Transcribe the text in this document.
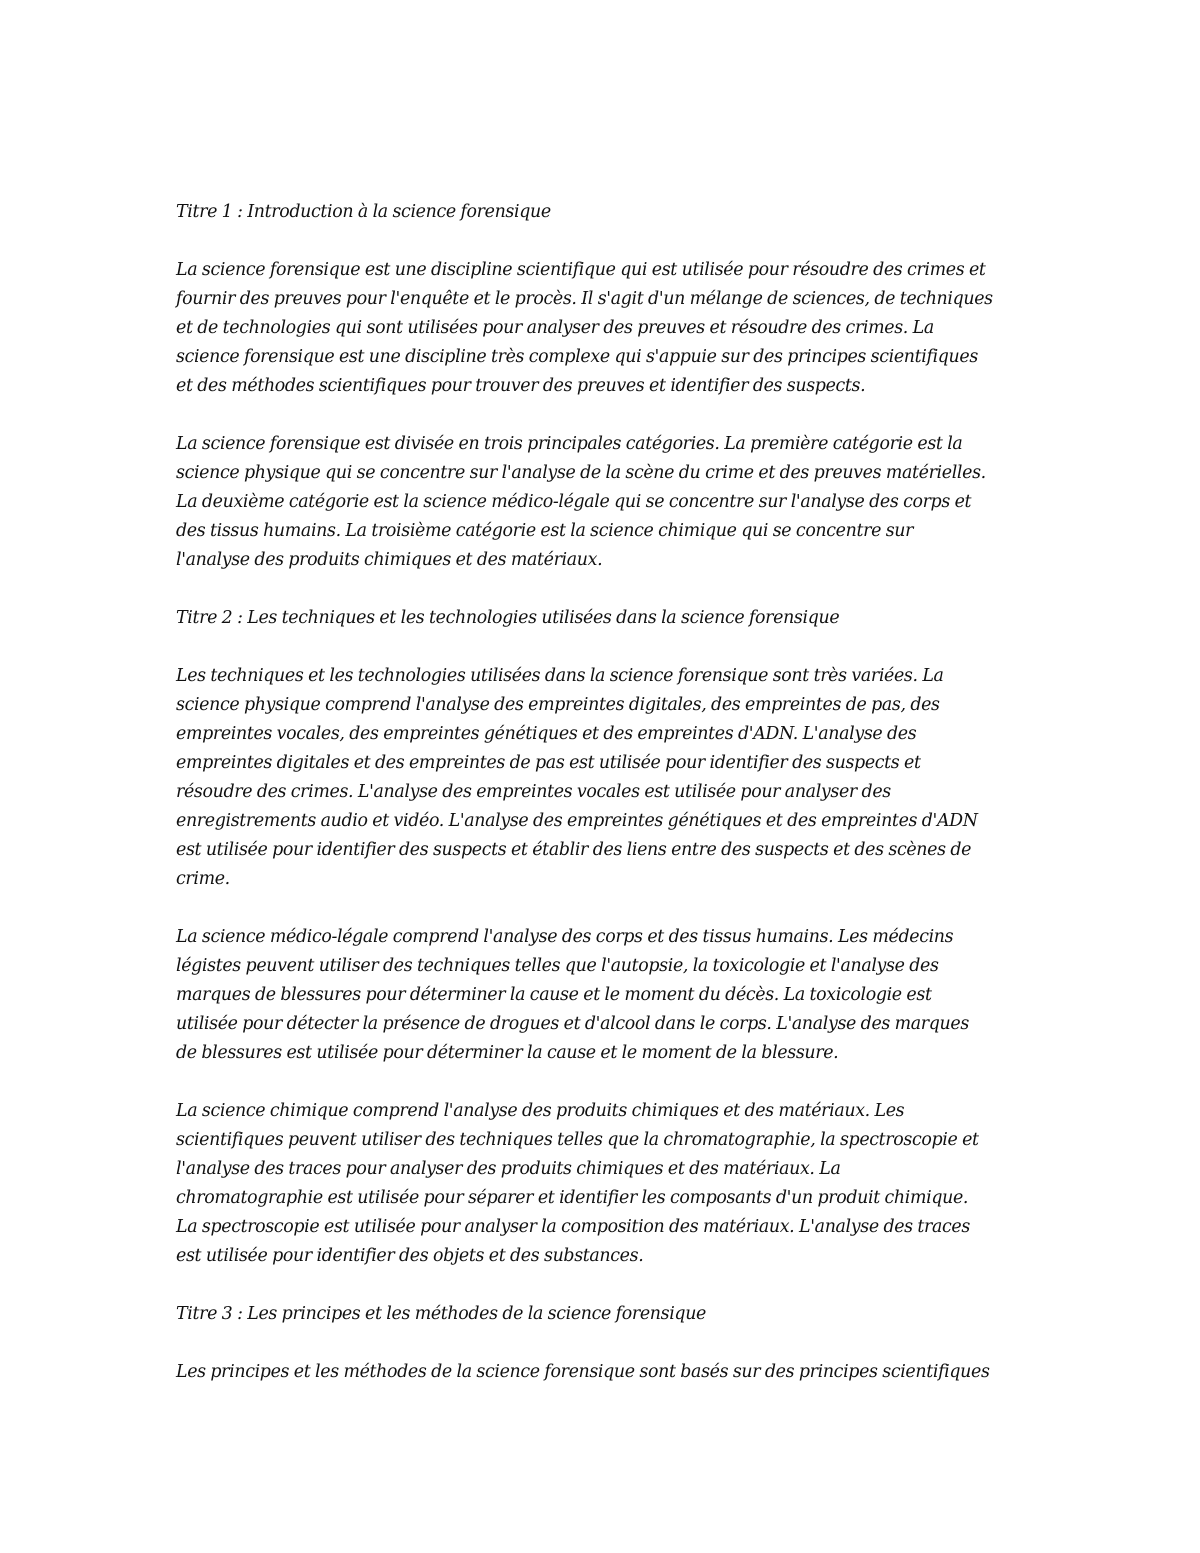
Titre 1 : Introduction à la science forensique
La science forensique est une discipline scientifique qui est utilisée pour résoudre des crimes et
fournir des preuves pour l'enquête et le procès. Il s'agit d'un mélange de sciences, de techniques
et de technologies qui sont utilisées pour analyser des preuves et résoudre des crimes. La
science forensique est une discipline très complexe qui s'appuie sur des principes scientifiques
et des méthodes scientifiques pour trouver des preuves et identifier des suspects.
La science forensique est divisée en trois principales catégories. La première catégorie est la
science physique qui se concentre sur l'analyse de la scène du crime et des preuves matérielles.
La deuxième catégorie est la science médico-légale qui se concentre sur l'analyse des corps et
des tissus humains. La troisième catégorie est la science chimique qui se concentre sur
l'analyse des produits chimiques et des matériaux.
Titre 2 : Les techniques et les technologies utilisées dans la science forensique
Les techniques et les technologies utilisées dans la science forensique sont très variées. La
science physique comprend l'analyse des empreintes digitales, des empreintes de pas, des
empreintes vocales, des empreintes génétiques et des empreintes d'ADN. L'analyse des
empreintes digitales et des empreintes de pas est utilisée pour identifier des suspects et
résoudre des crimes. L'analyse des empreintes vocales est utilisée pour analyser des
enregistrements audio et vidéo. L'analyse des empreintes génétiques et des empreintes d'ADN
est utilisée pour identifier des suspects et établir des liens entre des suspects et des scènes de
crime.
La science médico-légale comprend l'analyse des corps et des tissus humains. Les médecins
légistes peuvent utiliser des techniques telles que l'autopsie, la toxicologie et l'analyse des
marques de blessures pour déterminer la cause et le moment du décès. La toxicologie est
utilisée pour détecter la présence de drogues et d'alcool dans le corps. L'analyse des marques
de blessures est utilisée pour déterminer la cause et le moment de la blessure.
La science chimique comprend l'analyse des produits chimiques et des matériaux. Les
scientifiques peuvent utiliser des techniques telles que la chromatographie, la spectroscopie et
l'analyse des traces pour analyser des produits chimiques et des matériaux. La
chromatographie est utilisée pour séparer et identifier les composants d'un produit chimique.
La spectroscopie est utilisée pour analyser la composition des matériaux. L'analyse des traces
est utilisée pour identifier des objets et des substances.
Titre 3 : Les principes et les méthodes de la science forensique
Les principes et les méthodes de la science forensique sont basés sur des principes scientifiques
